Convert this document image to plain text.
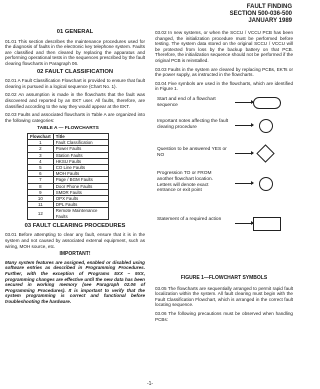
FAULT FINDING
SECTION 500-036-500
JANUARY 1989
01 GENERAL

01.01 This section describes the maintenance procedures used for the diagnosis of faults in the electronic key telephone system. Faults are classified and then cleared by replacing the apparatus and performing operational tests in the sequences prescribed by the fault clearing flowcharts in Paragraph 06.

02 FAULT CLASSIFICATION

02.01 A Fault Classification Flowchart is provided to ensure that fault clearing is pursued in a logical sequence (Chart No. 1).

02.02 An assumption is made in the flowcharts that the fault was discovered and reported by an EKT user. All faults, therefore, are classified according to the way they would appear at the EKT.

02.03 Faults and associated flowcharts in Table A are organized into the following categories:

TABLE A — FLOWCHARTS
Flowchart	Title
1	Fault Classification
2	Power Faults
3	Station Faults
4	HKSU Faults
5	CO Line Faults
6	MOH Faults
7	Page / BGM Faults
8	Door Phone Faults
9	SMDR Faults
10	OPX Faults
11	DPL Faults
12	Remote Maintenance Faults
03 FAULT CLEARING PROCEDURES

03.01 Before attempting to clear any fault, ensure that it is in the system and not caused by associated external equipment, such as wiring, MOH source, etc.

IMPORTANT!
Many system features are assigned, enabled or disabled using software entries as described in Programming Procedures. Further, with the exception of Programs 5XX – 9XX, programming changes are effective until the new data has been secured in working memory (see Paragraph 02.06 of Programming Procedures). It is important to verify that the system programming is correct and functional before troubleshooting the hardware.

03.02 In new systems, or when the SCCU / VCCU PCB has been changed, the initialization procedure must be performed before testing. The system data stored on the original SCCU / VCCU will be protected from loss by the backup battery on that PCB. Therefore, the initialization sequence should not be performed if the original PCB is reinstalled.

03.03 Faults in the system are cleared by replacing PCBs, EKTs or the power supply, as instructed in the flowcharts.

03.04 Five symbols are used in the flowcharts, which are identified in Figure 1.

Start and end of a flowchart sequence
Important notes affecting the fault clearing procedure
Question to be answered YES or NO
Progression TO or FROM another flowchart location. Letters will denote exact entrance or exit point
Statement of a required action
FIGURE 1—FLOWCHART SYMBOLS

03.05 The flowcharts are sequentially arranged to permit rapid fault localization within the system. All fault clearing must begin with the Fault Classification Flowchart, which is arranged in the correct fault locating sequence.

03.06 The following precautions must be observed when handling PCBs:

-1-
